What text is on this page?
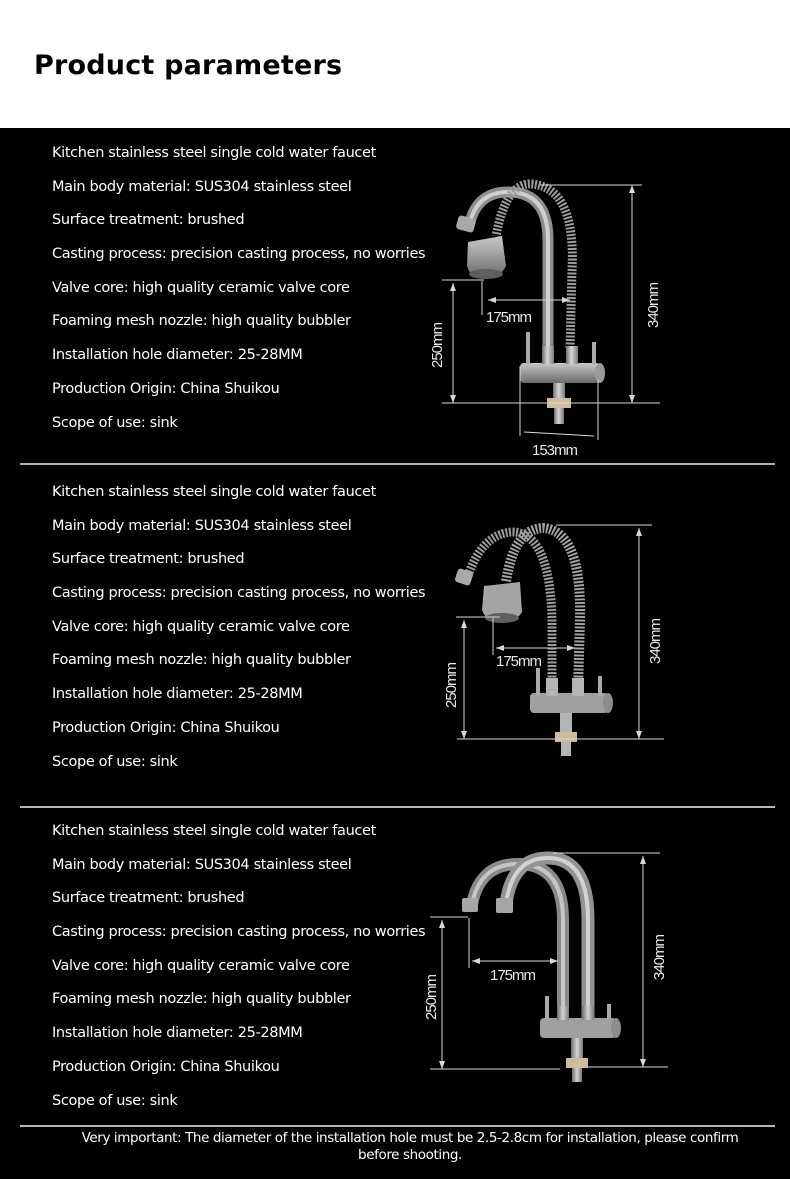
Product parameters
Kitchen stainless steel single cold water faucet
Main body material: SUS304 stainless steel
Surface treatment: brushed
Casting process: precision casting process, no worries
Valve core: high quality ceramic valve core
Foaming mesh nozzle: high quality bubbler
Installation hole diameter: 25-28MM
Production Origin: China Shuikou
Scope of use: sink
340mm
250mm
175mm
153mm
Kitchen stainless steel single cold water faucet
Main body material: SUS304 stainless steel
Surface treatment: brushed
Casting process: precision casting process, no worries
Valve core: high quality ceramic valve core
Foaming mesh nozzle: high quality bubbler
Installation hole diameter: 25-28MM
Production Origin: China Shuikou
Scope of use: sink
340mm
250mm
175mm
Kitchen stainless steel single cold water faucet
Main body material: SUS304 stainless steel
Surface treatment: brushed
Casting process: precision casting process, no worries
Valve core: high quality ceramic valve core
Foaming mesh nozzle: high quality bubbler
Installation hole diameter: 25-28MM
Production Origin: China Shuikou
Scope of use: sink
340mm
250mm	175mm
Very important: The diameter of the installation hole must be 2.5-2.8cm for installation, please confirm before shooting.
